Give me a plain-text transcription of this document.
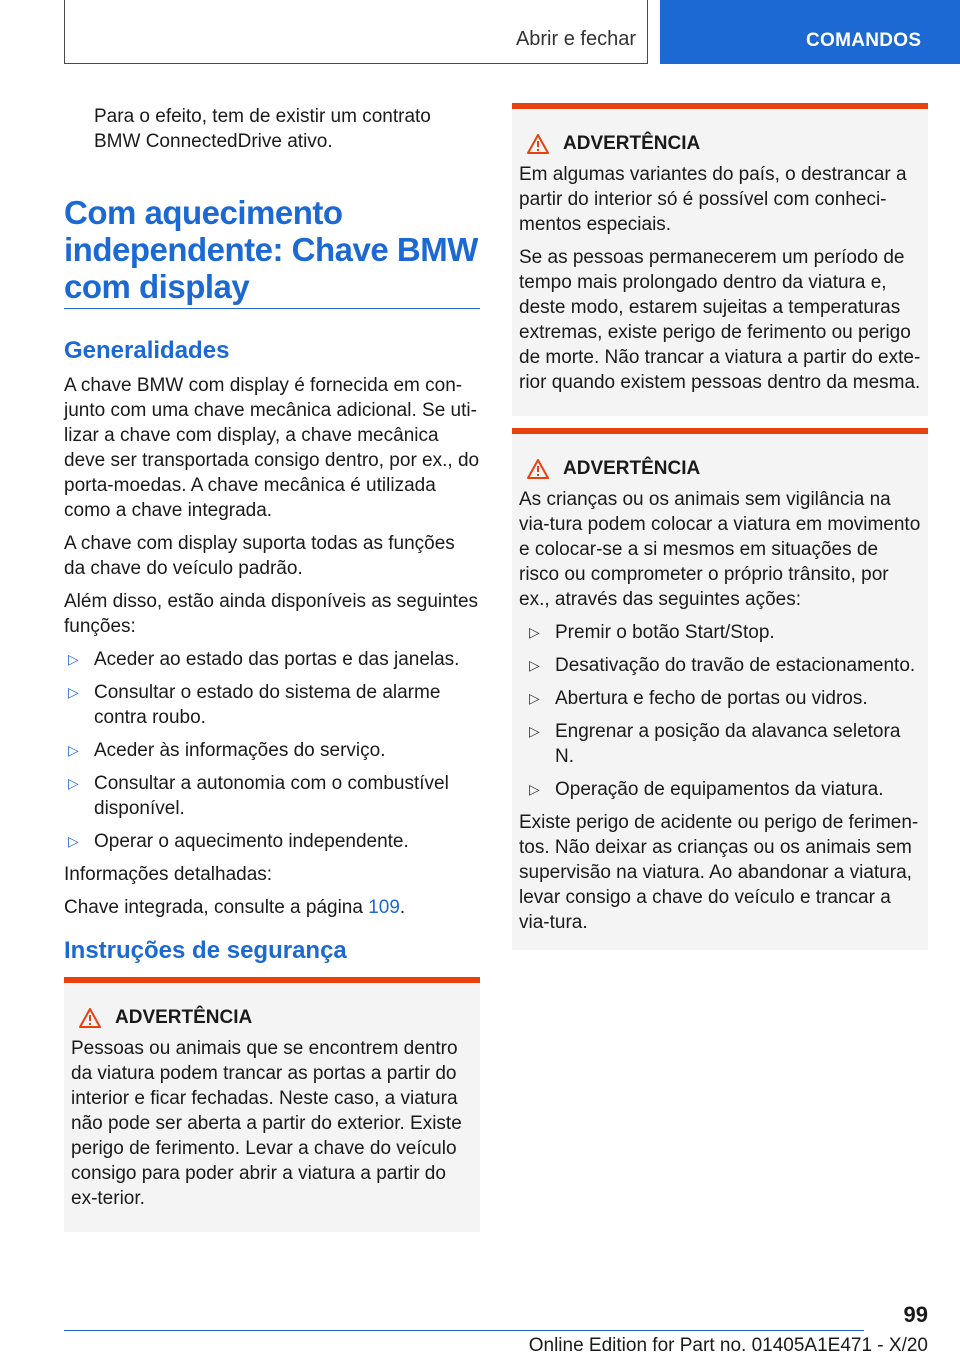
Abrir e fechar	COMANDOS

Para o efeito, tem de existir um contrato BMW ConnectedDrive ativo.

Com aquecimento independente: Chave BMW com display
Generalidades

A chave BMW com display é fornecida em con-junto com uma chave mecânica adicional. Se uti-lizar a chave com display, a chave mecânica deve ser transportada consigo dentro, por ex., do porta-moedas. A chave mecânica é utilizada como a chave integrada.

A chave com display suporta todas as funções da chave do veículo padrão.

Além disso, estão ainda disponíveis as seguintes funções:

▷ Aceder ao estado das portas e das janelas.
▷ Consultar o estado do sistema de alarme contra roubo.
▷ Aceder às informações do serviço.
▷ Consultar a autonomia com o combustível disponível.
▷ Operar o aquecimento independente.

Informações detalhadas:

Chave integrada, consulte a página 109.

Instruções de segurança
ADVERTÊNCIA

Pessoas ou animais que se encontrem dentro da viatura podem trancar as portas a partir do interior e ficar fechadas. Neste caso, a viatura não pode ser aberta a partir do exterior. Existe perigo de ferimento. Levar a chave do veículo consigo para poder abrir a viatura a partir do ex-terior.

ADVERTÊNCIA

Em algumas variantes do país, o destrancar a partir do interior só é possível com conheci-mentos especiais.

Se as pessoas permanecerem um período de tempo mais prolongado dentro da viatura e, deste modo, estarem sujeitas a temperaturas extremas, existe perigo de ferimento ou perigo de morte. Não trancar a viatura a partir do exte-rior quando existem pessoas dentro da mesma.

ADVERTÊNCIA

As crianças ou os animais sem vigilância na via-tura podem colocar a viatura em movimento e colocar-se a si mesmos em situações de risco ou comprometer o próprio trânsito, por ex., através das seguintes ações:

▷ Premir o botão Start/Stop.
▷ Desativação do travão de estacionamento.
▷ Abertura e fecho de portas ou vidros.
▷ Engrenar a posição da alavanca seletora N.
▷ Operação de equipamentos da viatura.

Existe perigo de acidente ou perigo de ferimen-tos. Não deixar as crianças ou os animais sem supervisão na viatura. Ao abandonar a viatura, levar consigo a chave do veículo e trancar a via-tura.

99
Online Edition for Part no. 01405A1E471 - X/20
